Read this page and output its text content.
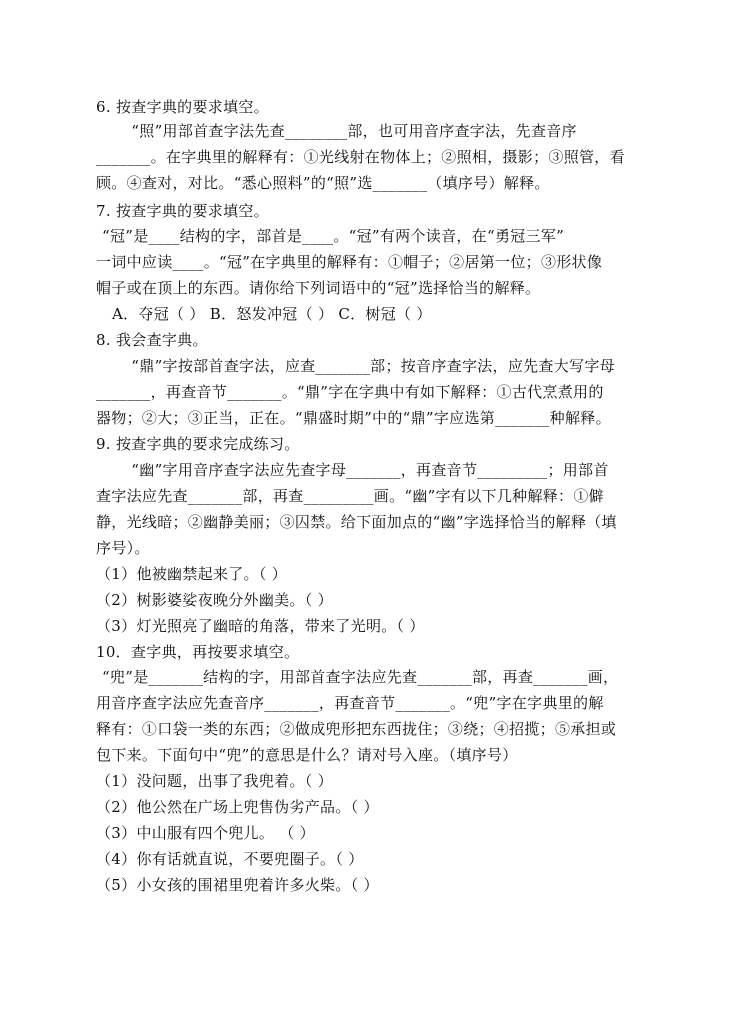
6. 按查字典的要求填空。
　“照”用部首查字法先查________部，也可用音序查字法，先查音序
_______。在字典里的解释有：①光线射在物体上；②照相，摄影；③照管，看
顾。④查对，对比。“悉心照料”的“照”选_______（填序号）解释。
7. 按查字典的要求填空。
“冠”是____结构的字，部首是____。“冠”有两个读音，在“勇冠三军”
一词中应读____。“冠”在字典里的解释有：①帽子；②居第一位；③形状像
帽子或在顶上的东西。请你给下列词语中的“冠”选择恰当的解释。
A．夺冠（ ） B．怒发冲冠（ ） C．树冠（ ）
8. 我会查字典。
　“鼎”字按部首查字法，应查_______部；按音序查字法，应先查大写字母
_______，再查音节_______。“鼎”字在字典中有如下解释：①古代烹煮用的
器物；②大；③正当，正在。“鼎盛时期”中的“鼎”字应选第_______种解释。
9. 按查字典的要求完成练习。
　“幽”字用音序查字法应先查字母_______，再查音节_________；用部首
查字法应先查_______部，再查_________画。“幽”字有以下几种解释：①僻
静，光线暗；②幽静美丽；③囚禁。给下面加点的“幽”字选择恰当的解释（填
序号）。
（1）他被幽禁起来了。（ ）
（2）树影婆娑夜晚分外幽美。（ ）
（3）灯光照亮了幽暗的角落，带来了光明。（ ）
10．查字典，再按要求填空。
“兜”是_______结构的字，用部首查字法应先查_______部，再查_______画，
用音序查字法应先查音序_______，再查音节_______。“兜”字在字典里的解
释有：①口袋一类的东西；②做成兜形把东西拢住；③绕；④招揽；⑤承担或
包下来。下面句中“兜”的意思是什么？请对号入座。（填序号）
（1）没问题，出事了我兜着。（ ）
（2）他公然在广场上兜售伪劣产品。（ ）
（3）中山服有四个兜儿。 （ ）
（4）你有话就直说，不要兜圈子。（ ）
（5）小女孩的围裙里兜着许多火柴。（ ）
